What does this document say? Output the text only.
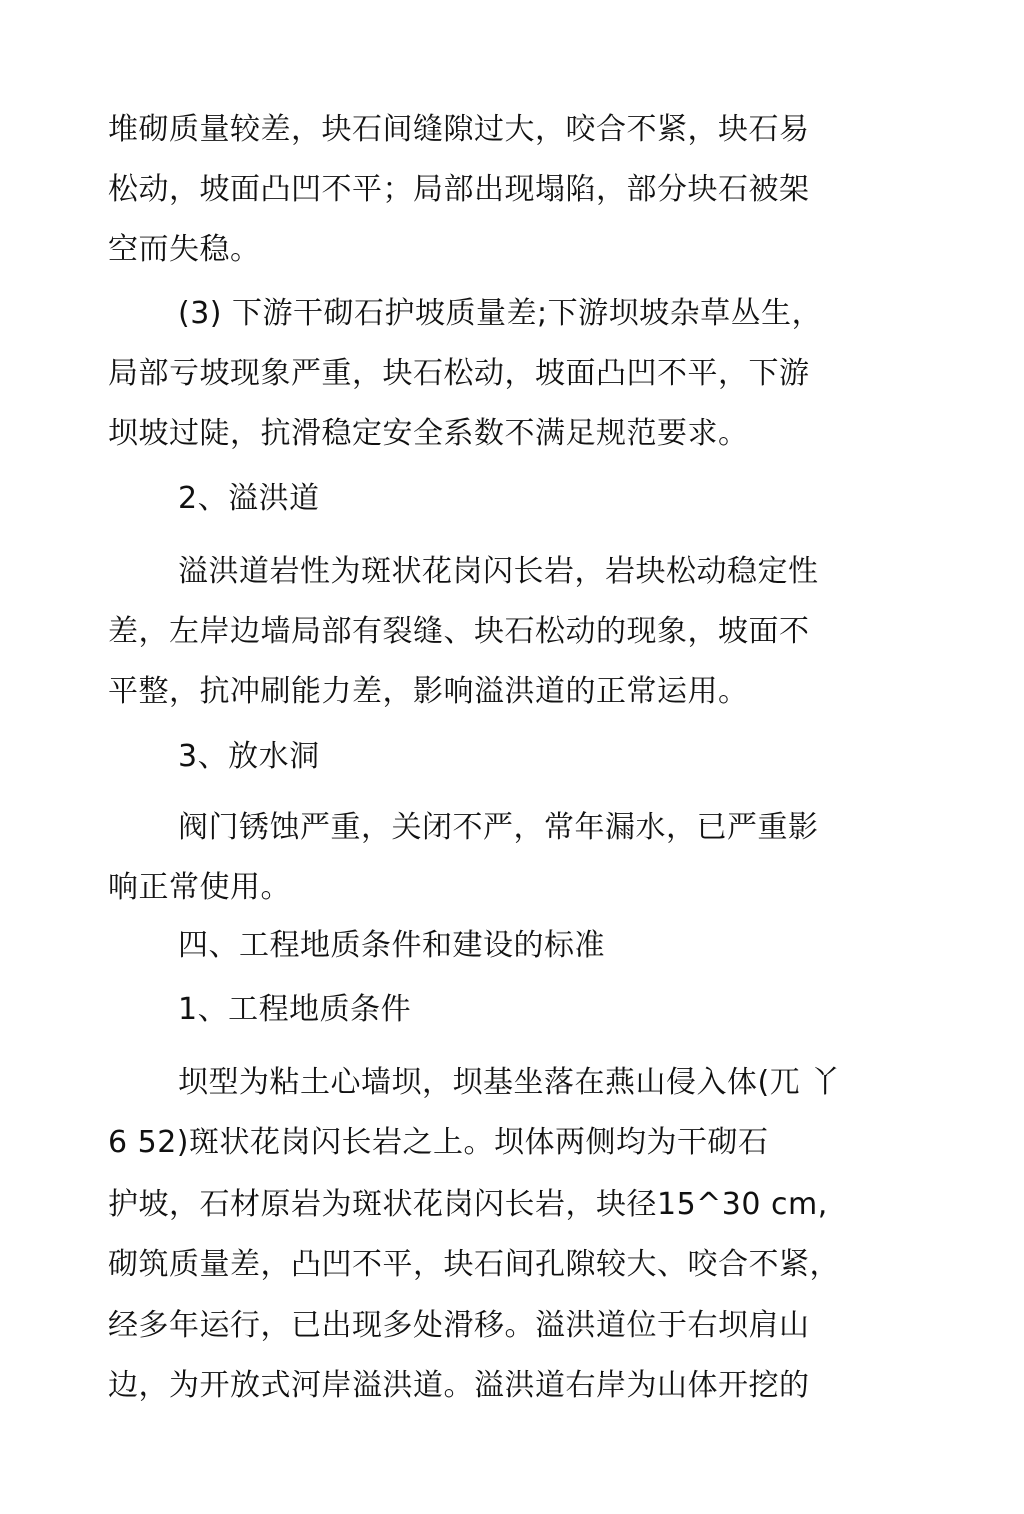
堆砌质量较差，块石间缝隙过大，咬合不紧，块石易
松动，坡面凸凹不平；局部出现塌陷，部分块石被架
空而失稳。
(3) 下游干砌石护坡质量差;下游坝坡杂草丛生，
局部亏坡现象严重，块石松动，坡面凸凹不平，下游
坝坡过陡，抗滑稳定安全系数不满足规范要求。
2、溢洪道
溢洪道岩性为斑状花岗闪长岩，岩块松动稳定性
差，左岸边墙局部有裂缝、块石松动的现象，坡面不
平整，抗冲刷能力差，影响溢洪道的正常运用。
3、放水洞
阀门锈蚀严重，关闭不严，常年漏水，已严重影
响正常使用。
四、工程地质条件和建设的标准
1、工程地质条件
坝型为粘土心墙坝，坝基坐落在燕山侵入体(兀 丫
6 52)斑状花岗闪长岩之上。坝体两侧均为干砌石
护坡，石材原岩为斑状花岗闪长岩，块径15^30 cm,
砌筑质量差，凸凹不平，块石间孔隙较大、咬合不紧，
经多年运行，已出现多处滑移。溢洪道位于右坝肩山
边，为开放式河岸溢洪道。溢洪道右岸为山体开挖的
